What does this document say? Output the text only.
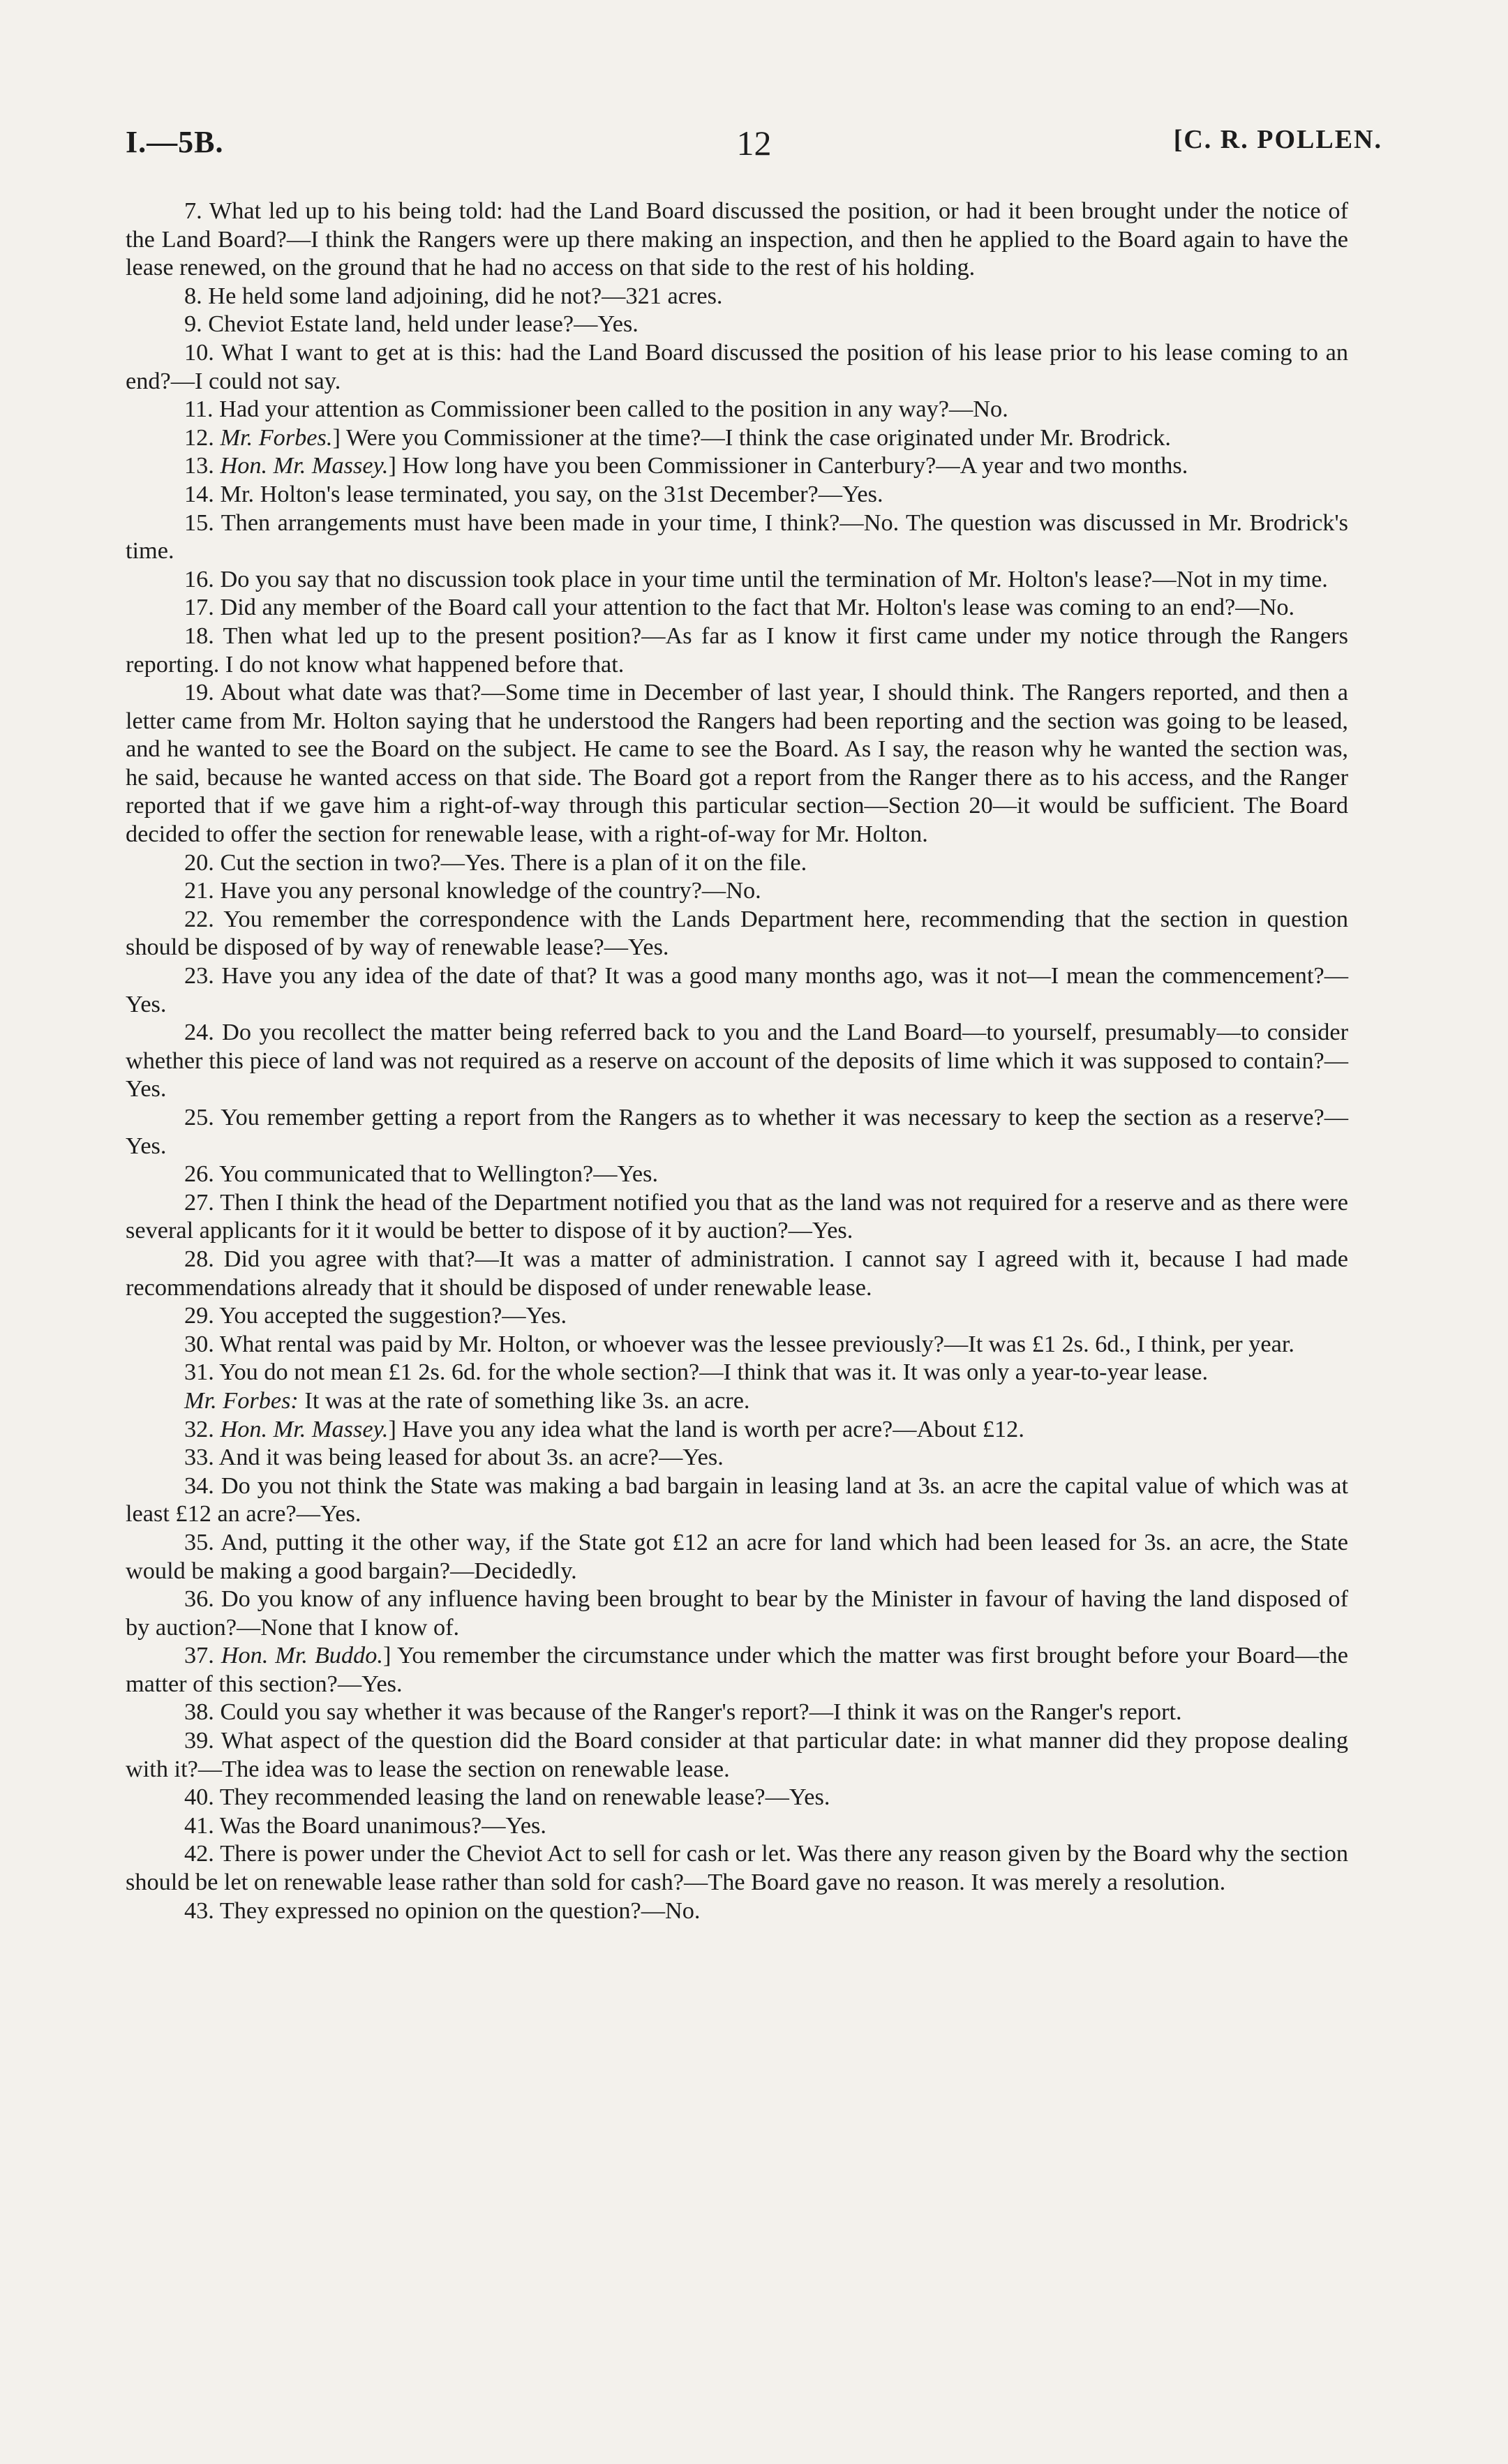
I.—5B.	12	[C. R. POLLEN.

7. What led up to his being told: had the Land Board discussed the position, or had it been brought under the notice of the Land Board?—I think the Rangers were up there making an inspection, and then he applied to the Board again to have the lease renewed, on the ground that he had no access on that side to the rest of his holding.

8. He held some land adjoining, did he not?—321 acres.

9. Cheviot Estate land, held under lease?—Yes.

10. What I want to get at is this: had the Land Board discussed the position of his lease prior to his lease coming to an end?—I could not say.

11. Had your attention as Commissioner been called to the position in any way?—No.

12. Mr. Forbes.] Were you Commissioner at the time?—I think the case originated under Mr. Brodrick.

13. Hon. Mr. Massey.] How long have you been Commissioner in Canterbury?—A year and two months.

14. Mr. Holton's lease terminated, you say, on the 31st December?—Yes.

15. Then arrangements must have been made in your time, I think?—No. The question was discussed in Mr. Brodrick's time.

16. Do you say that no discussion took place in your time until the termination of Mr. Holton's lease?—Not in my time.

17. Did any member of the Board call your attention to the fact that Mr. Holton's lease was coming to an end?—No.

18. Then what led up to the present position?—As far as I know it first came under my notice through the Rangers reporting. I do not know what happened before that.

19. About what date was that?—Some time in December of last year, I should think. The Rangers reported, and then a letter came from Mr. Holton saying that he understood the Rangers had been reporting and the section was going to be leased, and he wanted to see the Board on the subject. He came to see the Board. As I say, the reason why he wanted the section was, he said, because he wanted access on that side. The Board got a report from the Ranger there as to his access, and the Ranger reported that if we gave him a right-of-way through this particular section—Section 20—it would be sufficient. The Board decided to offer the section for renewable lease, with a right-of-way for Mr. Holton.

20. Cut the section in two?—Yes. There is a plan of it on the file.

21. Have you any personal knowledge of the country?—No.

22. You remember the correspondence with the Lands Department here, recommending that the section in question should be disposed of by way of renewable lease?—Yes.

23. Have you any idea of the date of that? It was a good many months ago, was it not—I mean the commencement?—Yes.

24. Do you recollect the matter being referred back to you and the Land Board—to yourself, presumably—to consider whether this piece of land was not required as a reserve on account of the deposits of lime which it was supposed to contain?—Yes.

25. You remember getting a report from the Rangers as to whether it was necessary to keep the section as a reserve?—Yes.

26. You communicated that to Wellington?—Yes.

27. Then I think the head of the Department notified you that as the land was not required for a reserve and as there were several applicants for it it would be better to dispose of it by auction?—Yes.

28. Did you agree with that?—It was a matter of administration. I cannot say I agreed with it, because I had made recommendations already that it should be disposed of under renewable lease.

29. You accepted the suggestion?—Yes.

30. What rental was paid by Mr. Holton, or whoever was the lessee previously?—It was £1 2s. 6d., I think, per year.

31. You do not mean £1 2s. 6d. for the whole section?—I think that was it. It was only a year-to-year lease.

Mr. Forbes: It was at the rate of something like 3s. an acre.

32. Hon. Mr. Massey.] Have you any idea what the land is worth per acre?—About £12.

33. And it was being leased for about 3s. an acre?—Yes.

34. Do you not think the State was making a bad bargain in leasing land at 3s. an acre the capital value of which was at least £12 an acre?—Yes.

35. And, putting it the other way, if the State got £12 an acre for land which had been leased for 3s. an acre, the State would be making a good bargain?—Decidedly.

36. Do you know of any influence having been brought to bear by the Minister in favour of having the land disposed of by auction?—None that I know of.

37. Hon. Mr. Buddo.] You remember the circumstance under which the matter was first brought before your Board—the matter of this section?—Yes.

38. Could you say whether it was because of the Ranger's report?—I think it was on the Ranger's report.

39. What aspect of the question did the Board consider at that particular date: in what manner did they propose dealing with it?—The idea was to lease the section on renewable lease.

40. They recommended leasing the land on renewable lease?—Yes.

41. Was the Board unanimous?—Yes.

42. There is power under the Cheviot Act to sell for cash or let. Was there any reason given by the Board why the section should be let on renewable lease rather than sold for cash?—The Board gave no reason. It was merely a resolution.

43. They expressed no opinion on the question?—No.
